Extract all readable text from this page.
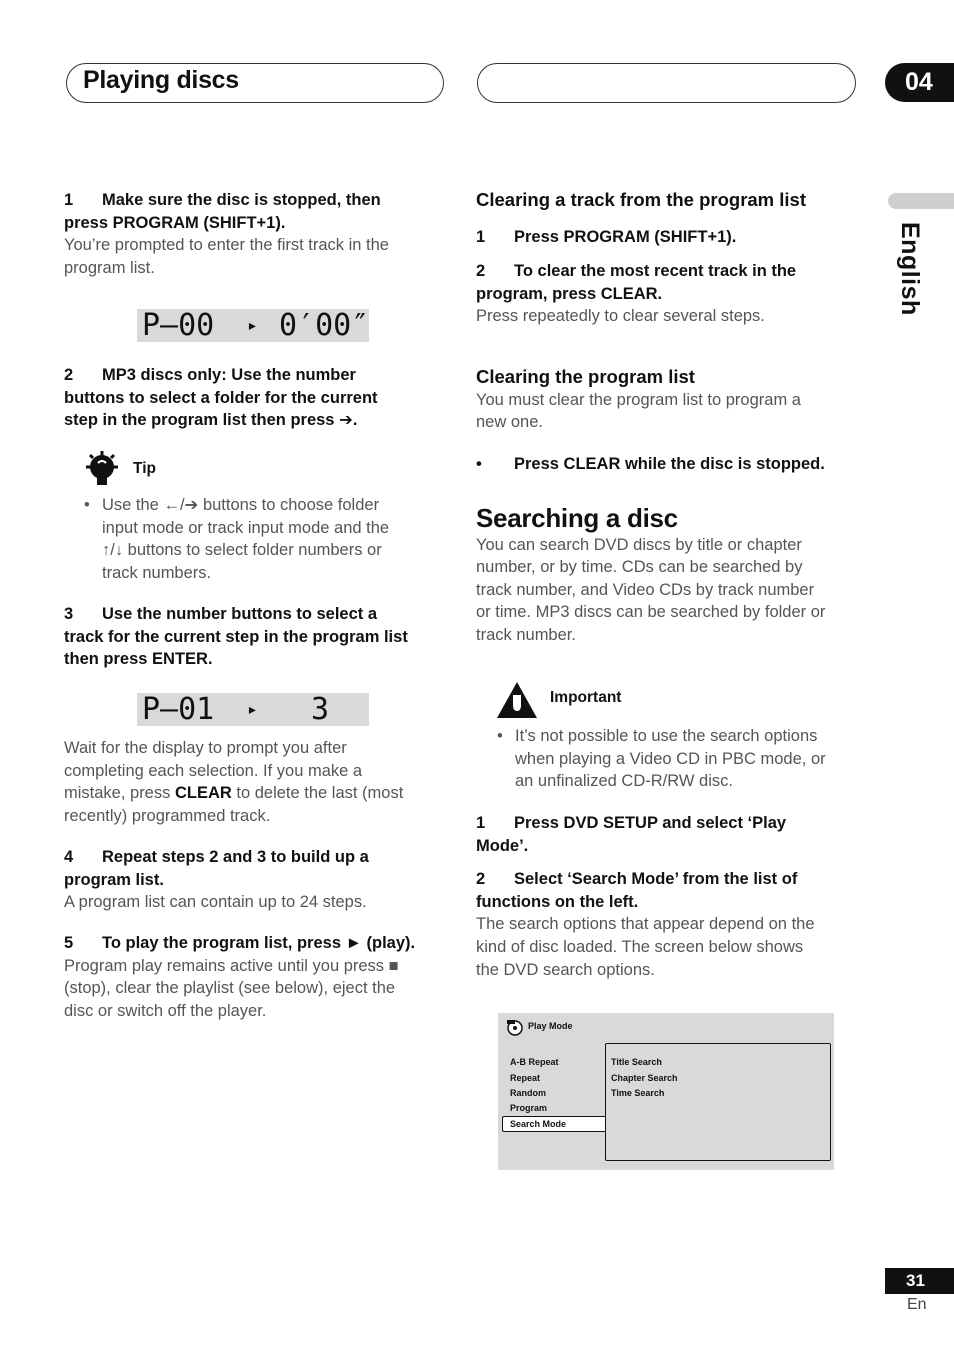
Playing discs	04
English
1 Make sure the disc is stopped, then
press PROGRAM (SHIFT+1).
You’re prompted to enter the first track in the
program list.
P–00 ▸ 0′00″
2 MP3 discs only: Use the number
buttons to select a folder for the current
step in the program list then press ➔.
Tip
• Use the ←/➔ buttons to choose folder
input mode or track input mode and the
↑/↓ buttons to select folder numbers or
track numbers.
3 Use the number buttons to select a
track for the current step in the program list
then press ENTER.
P–01 ▸ 3
Wait for the display to prompt you after
completing each selection. If you make a
mistake, press CLEAR to delete the last (most
recently) programmed track.
4 Repeat steps 2 and 3 to build up a
program list.
A program list can contain up to 24 steps.
5 To play the program list, press ► (play).
Program play remains active until you press ■
(stop), clear the playlist (see below), eject the
disc or switch off the player.
Clearing a track from the program list
1 Press PROGRAM (SHIFT+1).
2 To clear the most recent track in the
program, press CLEAR.
Press repeatedly to clear several steps.
Clearing the program list
You must clear the program list to program a
new one.
• Press CLEAR while the disc is stopped.
Searching a disc
You can search DVD discs by title or chapter
number, or by time. CDs can be searched by
track number, and Video CDs by track number
or time. MP3 discs can be searched by folder or
track number.
Important
• It’s not possible to use the search options
when playing a Video CD in PBC mode, or
an unfinalized CD-R/RW disc.
1 Press DVD SETUP and select ‘Play
Mode’.
2 Select ‘Search Mode’ from the list of
functions on the left.
The search options that appear depend on the
kind of disc loaded. The screen below shows
the DVD search options.
Play Mode
A-B Repeat
Repeat
Random
Program
Search Mode
Title Search
Chapter Search
Time Search
31
En
